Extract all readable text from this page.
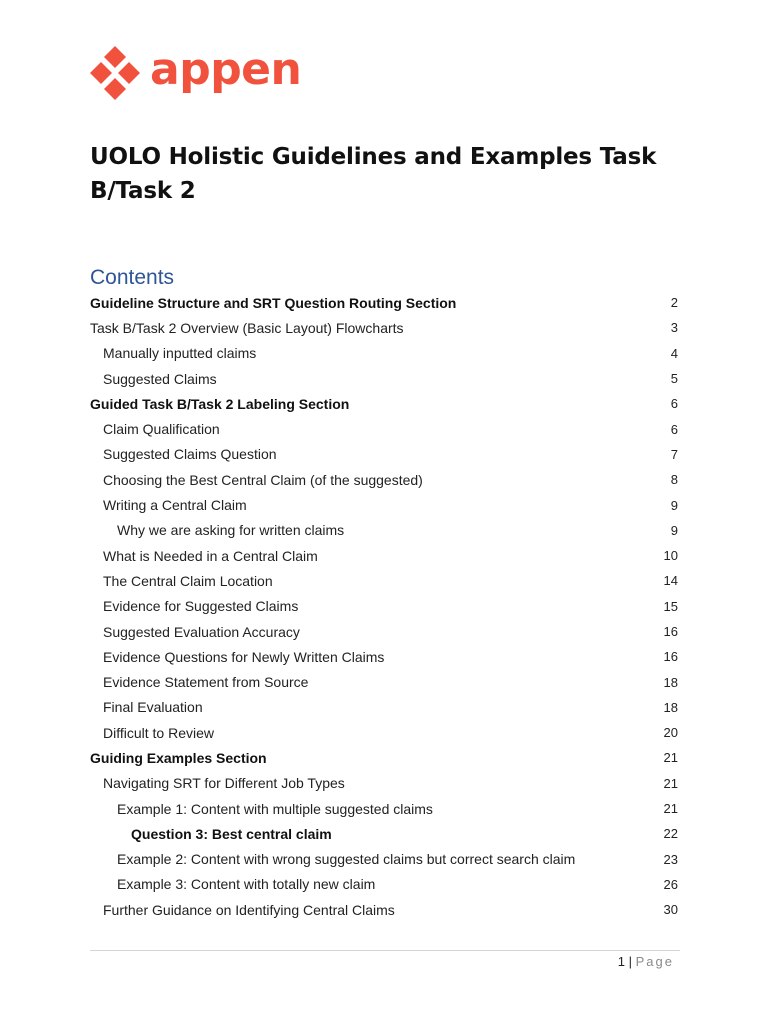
appen
UOLO Holistic Guidelines and Examples Task B/Task 2
Contents
Guideline Structure and SRT Question Routing Section	2
Task B/Task 2 Overview (Basic Layout) Flowcharts	3
Manually inputted claims	4
Suggested Claims	5
Guided Task B/Task 2 Labeling Section	6
Claim Qualification	6
Suggested Claims Question	7
Choosing the Best Central Claim (of the suggested)	8
Writing a Central Claim	9
Why we are asking for written claims	9
What is Needed in a Central Claim	10
The Central Claim Location	14
Evidence for Suggested Claims	15
Suggested Evaluation Accuracy	16
Evidence Questions for Newly Written Claims	16
Evidence Statement from Source	18
Final Evaluation	18
Difficult to Review	20
Guiding Examples Section	21
Navigating SRT for Different Job Types	21
Example 1: Content with multiple suggested claims	21
Question 3: Best central claim	22
Example 2: Content with wrong suggested claims but correct search claim	23
Example 3: Content with totally new claim	26
Further Guidance on Identifying Central Claims	30
1 | Page
